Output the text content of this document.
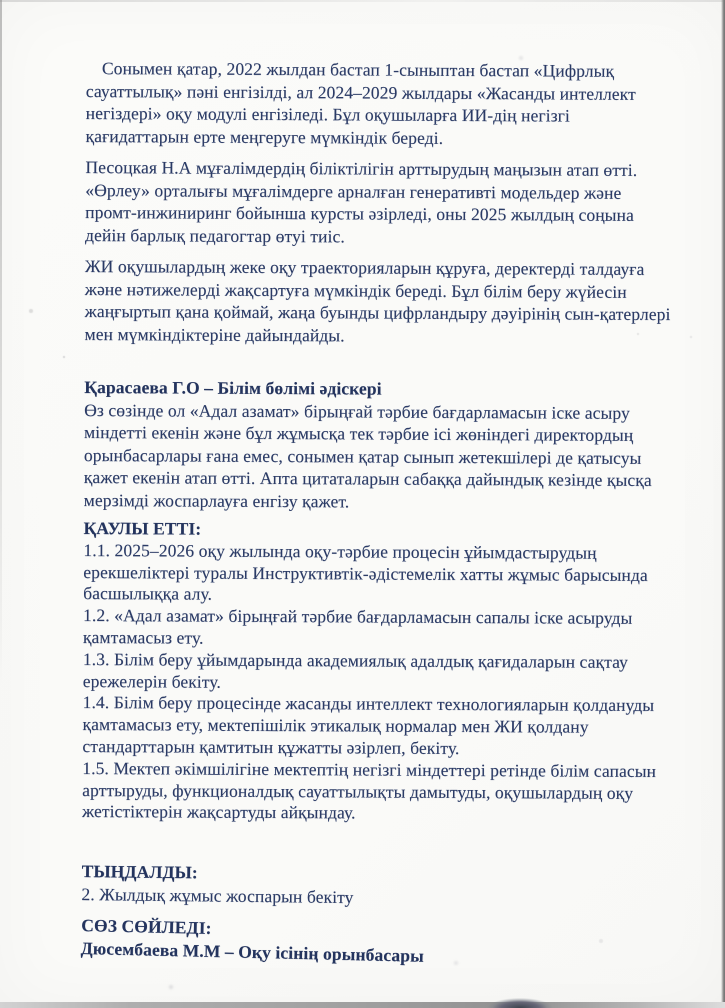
Сонымен қатар, 2022 жылдан бастап 1-сыныптан бастап «Цифрлық
сауаттылық» пәні енгізілді, ал 2024–2029 жылдары «Жасанды интеллект
негіздері» оқу модулі енгізіледі. Бұл оқушыларға ИИ-дің негізгі
қағидаттарын ерте меңгеруге мүмкіндік береді.
Песоцкая Н.А мұғалімдердің біліктілігін арттырудың маңызын атап өтті.
«Өрлеу» орталығы мұғалімдерге арналған генеративті модельдер және
промт-инжиниринг бойынша курсты әзірледі, оны 2025 жылдың соңына
дейін барлық педагогтар өтуі тиіс.
ЖИ оқушылардың жеке оқу траекторияларын құруға, деректерді талдауға
және нәтижелерді жақсартуға мүмкіндік береді. Бұл білім беру жүйесін
жаңғыртып қана қоймай, жаңа буынды цифрландыру дәуірінің сын-қатерлері
мен мүмкіндіктеріне дайындайды.
Қарасаева Г.О – Білім бөлімі әдіскері
Өз сөзінде ол «Адал азамат» бірыңғай тәрбие бағдарламасын іске асыру
міндетті екенін және бұл жұмысқа тек тәрбие ісі жөніндегі директордың
орынбасарлары ғана емес, сонымен қатар сынып жетекшілері де қатысуы
қажет екенін атап өтті. Апта цитаталарын сабаққа дайындық кезінде қысқа
мерзімді жоспарлауға енгізу қажет.
ҚАУЛЫ ЕТТІ:
1.1. 2025–2026 оқу жылында оқу-тәрбие процесін ұйымдастырудың
ерекшеліктері туралы Инструктивтік-әдістемелік хатты жұмыс барысында
басшылыққа алу.
1.2. «Адал азамат» бірыңғай тәрбие бағдарламасын сапалы іске асыруды
қамтамасыз ету.
1.3. Білім беру ұйымдарында академиялық адалдық қағидаларын сақтау
ережелерін бекіту.
1.4. Білім беру процесінде жасанды интеллект технологияларын қолдануды
қамтамасыз ету, мектепішілік этикалық нормалар мен ЖИ қолдану
стандарттарын қамтитын құжатты әзірлеп, бекіту.
1.5. Мектеп әкімшілігіне мектептің негізгі міндеттері ретінде білім сапасын
арттыруды, функционалдық сауаттылықты дамытуды, оқушылардың оқу
жетістіктерін жақсартуды айқындау.
ТЫҢДАЛДЫ:
2. Жылдық жұмыс жоспарын бекіту
СӨЗ СӨЙЛЕДІ:
Дюсембаева М.М – Оқу ісінің орынбасары
